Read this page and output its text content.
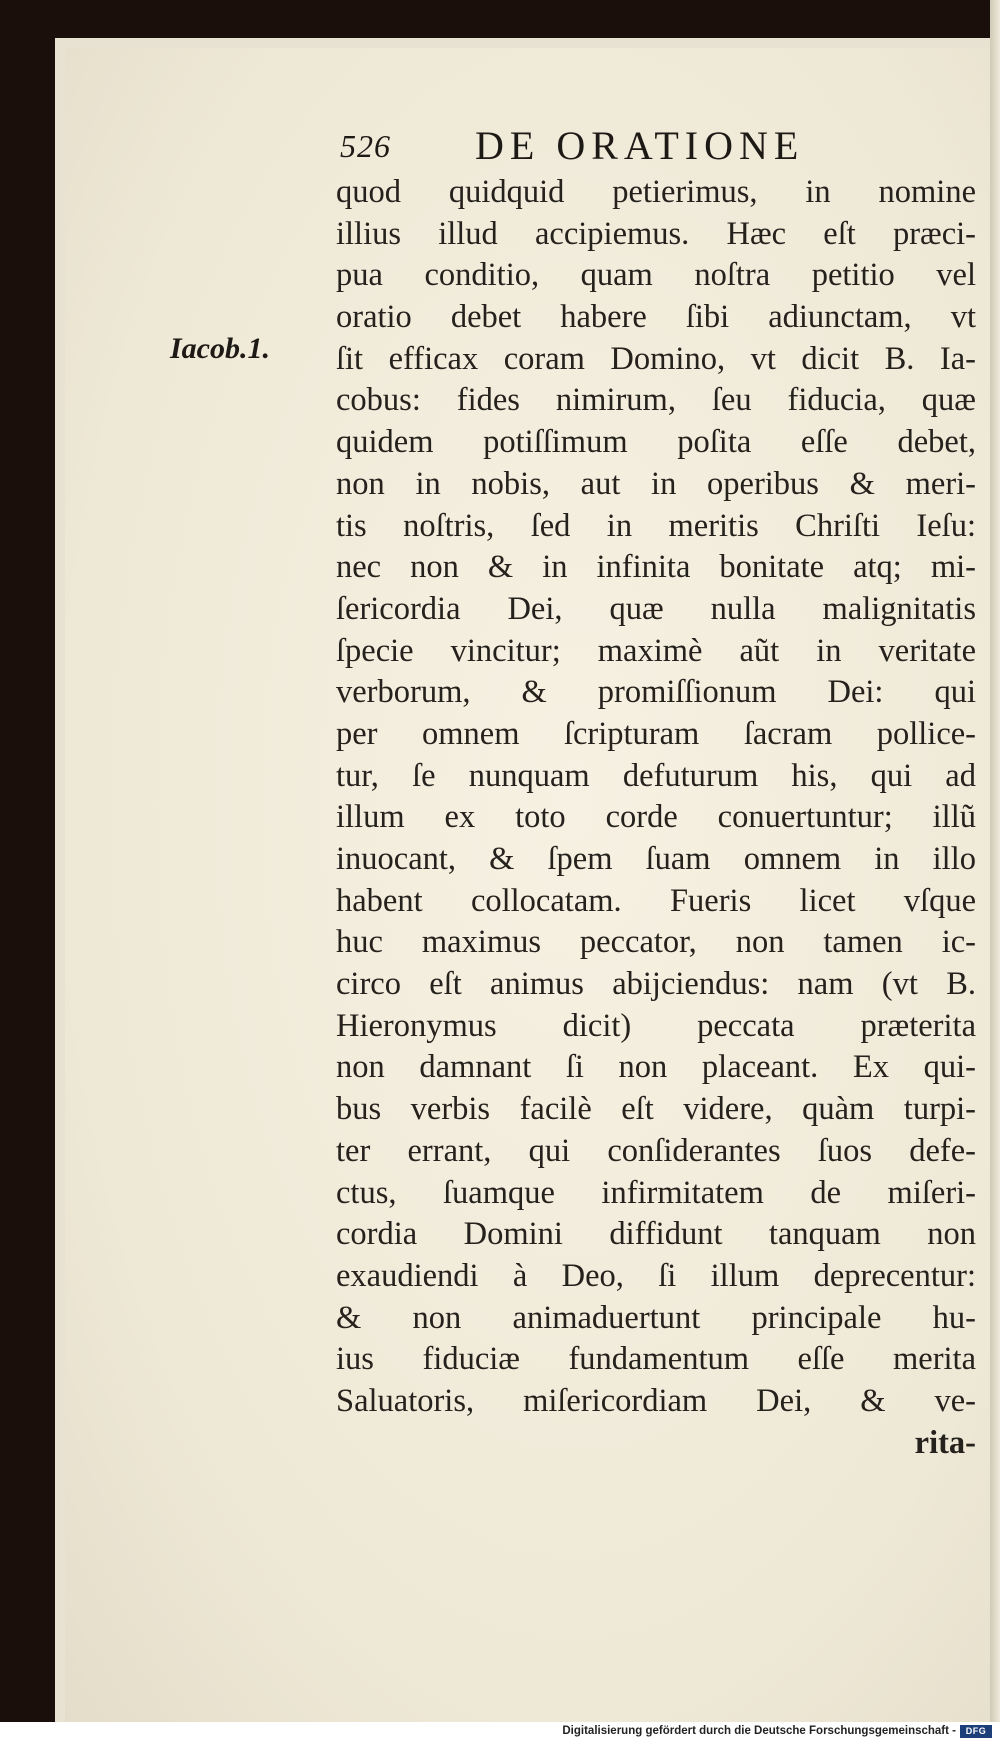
526 DE ORATIONE
Iacob.1.
quod quidquid petierimus, in nomine
illius illud accipiemus. Hæc eſt præci-
pua conditio, quam noſtra petitio vel
oratio debet habere ſibi adiunctam, vt
ſit efficax coram Domino, vt dicit B. Ia-
cobus: fides nimirum, ſeu fiducia, quæ
quidem potiſſimum poſita eſſe debet,
non in nobis, aut in operibus & meri-
tis noſtris, ſed in meritis Chriſti Ieſu:
nec non & in infinita bonitate atq; mi-
ſericordia Dei, quæ nulla malignitatis
ſpecie vincitur; maximè aũt in veritate
verborum, & promiſſionum Dei: qui
per omnem ſcripturam ſacram pollice-
tur, ſe nunquam defuturum his, qui ad
illum ex toto corde conuertuntur; illũ
inuocant, & ſpem ſuam omnem in illo
habent collocatam. Fueris licet vſque
huc maximus peccator, non tamen ic-
circo eſt animus abijciendus: nam (vt B.
Hieronymus dicit) peccata præterita
non damnant ſi non placeant. Ex qui-
bus verbis facilè eſt videre, quàm turpi-
ter errant, qui conſiderantes ſuos defe-
ctus, ſuamque infirmitatem de miſeri-
cordia Domini diffidunt tanquam non
exaudiendi à Deo, ſi illum deprecentur:
& non animaduertunt principale hu-
ius fiduciæ fundamentum eſſe merita
Saluatoris, miſericordiam Dei, & ve-
rita-
Digitalisierung gefördert durch die Deutsche Forschungsgemeinschaft -	DFG
